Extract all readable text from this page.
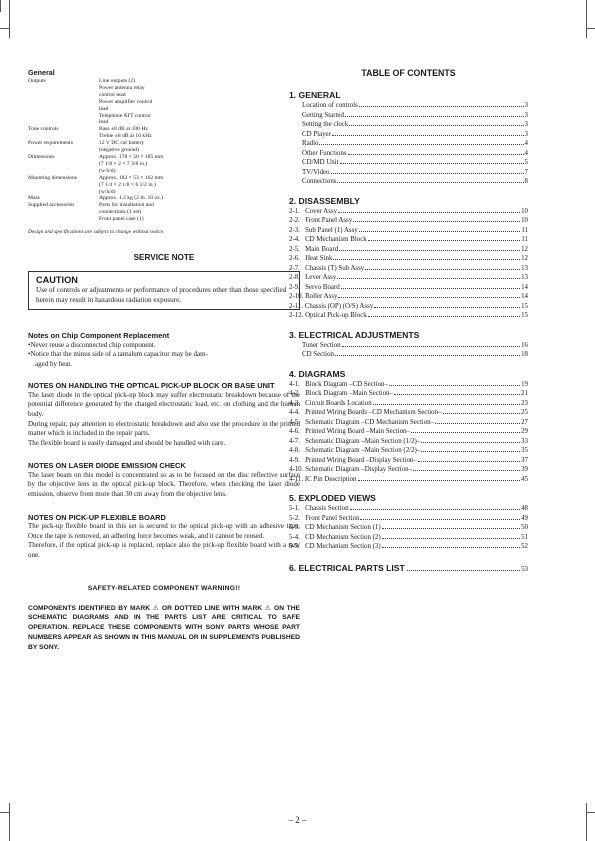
General
Outputs	Line outputs (2)
Power antenna relay
control lead
Power amplifier control
lead
Telephone ATT control
lead
Tone controls	Bass ±8 dB at 100 Hz
Treble ±8 dB at 10 kHz
Power requirements	12 V DC car battery
(negative ground)
Dimensions	Approx. 178 × 50 × 185 mm
(7 1/8 × 2 × 7 3/8 in.)
(w/h/d)
Mounting dimensions	Approx. 182 × 53 × 162 mm
(7 1/4 × 2 1/8 × 6 1/2 in.)
(w/h/d)
Mass	Approx. 1.2 kg (2 lb. 10 oz.)
Supplied accessories	Parts for installation and
connections (1 set)
Front panel case (1)
Design and specifications are subject to change without notice.
SERVICE NOTE
CAUTION
Use of controls or adjustments or performance of procedures other than those specified herein may result in hazardous radiation exposure.
Notes on Chip Component Replacement
•Never reuse a disconnected chip component.
•Notice that the minus side of a tantalum capacitor may be dam-
aged by heat.
NOTES ON HANDLING THE OPTICAL PICK-UP BLOCK OR BASE UNIT
The laser diode in the optical pick-up block may suffer electrostatic breakdown because of the potential difference generated by the charged electrostatic load, etc. on clothing and the human body.
During repair, pay attention to electrostatic breakdown and also use the procedure in the printed matter which is included in the repair parts.
The flexible board is easily damaged and should be handled with care.
NOTES ON LASER DIODE EMISSION CHECK
The laser beam on this model is concentrated so as to be focused on the disc reflective surface by the objective lens in the optical pick-up block. Therefore, when checking the laser diode emission, observe from more than 30 cm away from the objective lens.
NOTES ON PICK-UP FLEXIBLE BOARD
The pick-up flexible board in this set is secured to the optical pick-up with an adhesive tape. Once the tape is removed, an adhering force becomes weak, and it cannot be reused.
Therefore, if the optical pick-up is replaced, replace also the pick-up flexible board with a new one.
SAFETY-RELATED COMPONENT WARNING!!
COMPONENTS IDENTIFIED BY MARK ⚠ OR DOTTED LINE WITH MARK ⚠ ON THE SCHEMATIC DIAGRAMS AND IN THE PARTS LIST ARE CRITICAL TO SAFE OPERATION. REPLACE THESE COMPONENTS WITH SONY PARTS WHOSE PART NUMBERS APPEAR AS SHOWN IN THIS MANUAL OR IN SUPPLEMENTS PUBLISHED BY SONY.
TABLE OF CONTENTS
1. GENERAL
Location of controls	3
Getting Started	3
Setting the clock	3
CD Player	3
Radio	4
Other Functions	4
CD/MD Unit	5
TV/Video	7
Connections	8
2. DISASSEMBLY
2-1.   Cover Assy	10
2-2.   Front Panel Assy	10
2-3.   Sub Panel (1) Assy	11
2-4.   CD Mechanism Block	11
2-5.   Main Board	12
2-6.   Heat Sink	12
2-7.   Chassis (T) Sub Assy	13
2-8.   Lever Assy	13
2-9.   Servo Board	14
2-10. Roller Assy	14
2-11. Chassis (OP) (O/S) Assy	15
2-12. Optical Pick-up Block	15
3. ELECTRICAL ADJUSTMENTS
Tuner Section	16
CD Section	18
4. DIAGRAMS
4-1.   Block Diagram –CD Section–	19
4-2.   Block Diagram –Main Section–	21
4-3.   Circuit Boards Location	23
4-4.   Printed Wiring Boards –CD Mechanism Section–	25
4-5.   Schematic Diagram –CD Mechanism Section–	27
4-6.   Printed Wiring Board –Main Section–	29
4-7.   Schematic Diagram –Main Section (1/2)–	33
4-8.   Schematic Diagram –Main Section (2/2)–	35
4-9.   Printed Wiring Board –Display Section–	37
4-10. Schematic Diagram –Display Section–	39
4-11. IC Pin Description	45
5. EXPLODED VIEWS
5-1.   Chassis Section	48
5-2.   Front Panel Section	49
5-3.   CD Mechanism Section (1)	50
5-4.   CD Mechanism Section (2)	51
5-5.   CD Mechanism Section (3)	52
6. ELECTRICAL PARTS LIST	53
– 2 –
